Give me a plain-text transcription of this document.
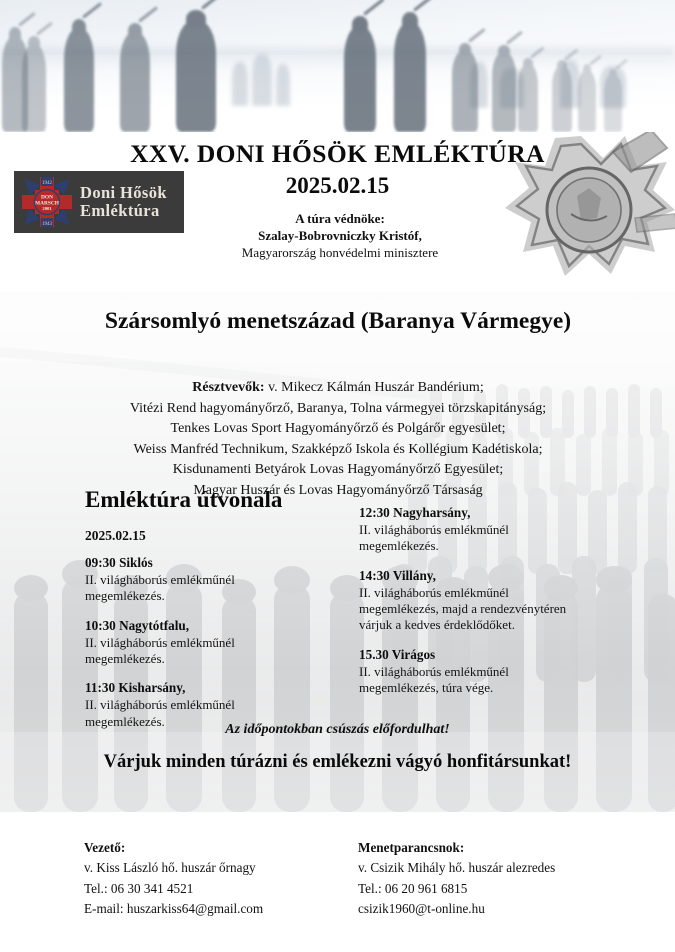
XXV. DONI HŐSÖK EMLÉKTÚRA
2025.02.15
A túra védnöke:
Szalay-Bobrovniczky Kristóf,
Magyarország honvédelmi minisztere
1942
1943
DON
MARSCH
2001
Doni Hősök
Emléktúra
Szársomlyó menetszázad (Baranya Vármegye)
Résztvevők: v. Mikecz Kálmán Huszár Bandérium;
Vitézi Rend hagyományőrző, Baranya, Tolna vármegyei törzskapitányság;
Tenkes Lovas Sport Hagyományőrző és Polgárőr egyesület;
Weiss Manfréd Technikum, Szakképző Iskola és Kollégium Kadétiskola;
Kisdunamenti Betyárok Lovas Hagyományőrző Egyesület;
Magyar Huszár és Lovas Hagyományőrző Társaság
Emléktúra útvonala
2025.02.15
09:30 Siklós
II. világháborús emlékműnél
megemlékezés.
10:30 Nagytótfalu,
II. világháborús emlékműnél
megemlékezés.
11:30 Kisharsány,
II. világháborús emlékműnél
megemlékezés.
12:30 Nagyharsány,
II. világháborús emlékműnél
megemlékezés.
14:30 Villány,
II. világháborús emlékműnél
megemlékezés, majd a rendezvénytéren
várjuk a kedves érdeklődőket.
15.30 Virágos
II. világháborús emlékműnél
megemlékezés, túra vége.
Az időpontokban csúszás előfordulhat!
Várjuk minden túrázni és emlékezni vágyó honfitársunkat!
Vezető:
v. Kiss László hő. huszár őrnagy
Tel.: 06 30 341 4521
E-mail: huszarkiss64@gmail.com
Menetparancsnok:
v. Csizik Mihály hő. huszár alezredes
Tel.: 06 20 961 6815
csizik1960@t-online.hu
